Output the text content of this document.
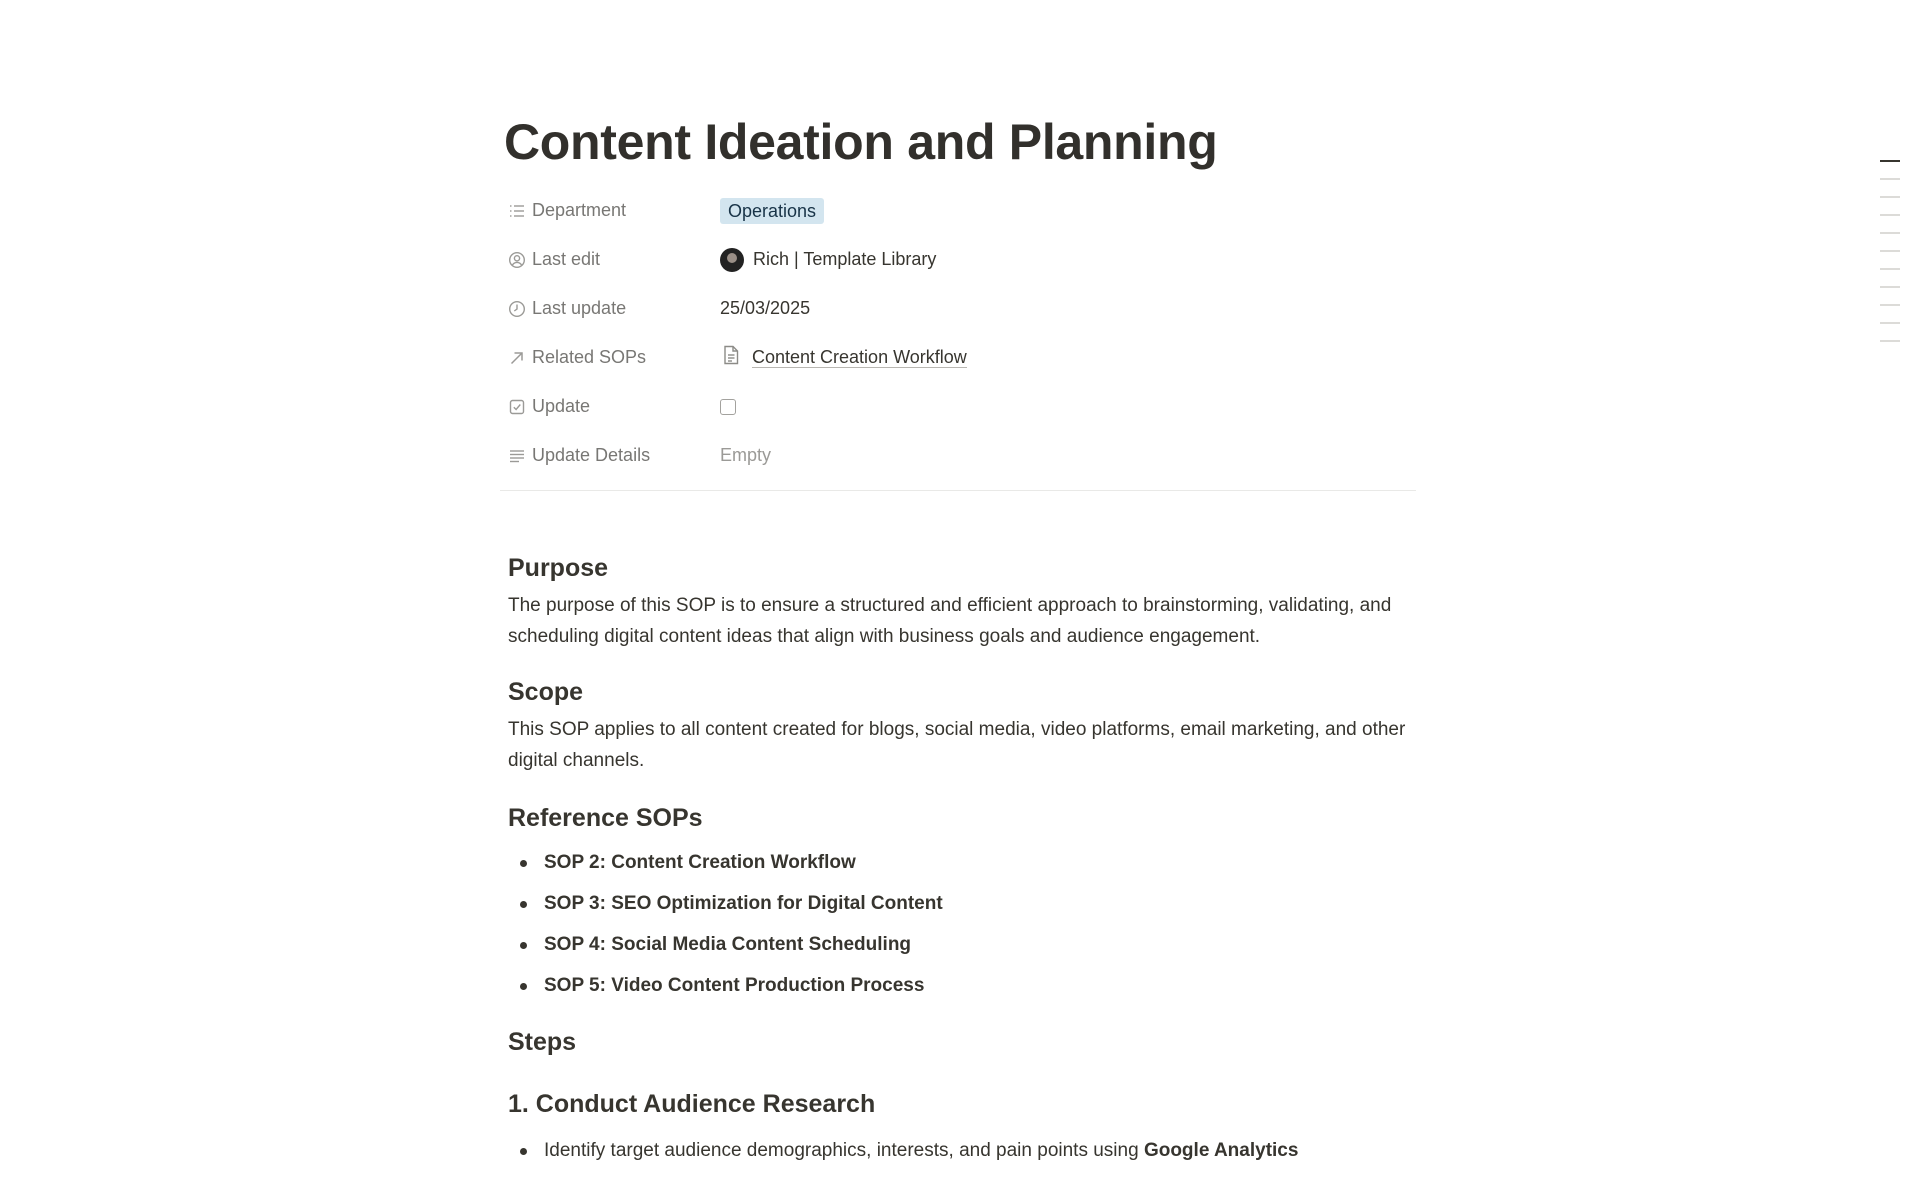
Content Ideation and Planning
Department	Operations
Last edit	Rich | Template Library
Last update	25/03/2025
Related SOPs	Content Creation Workflow
Update
Update Details	Empty
Purpose

The purpose of this SOP is to ensure a structured and efficient approach to brainstorming, validating, and scheduling digital content ideas that align with business goals and audience engagement.

Scope

This SOP applies to all content created for blogs, social media, video platforms, email marketing, and other digital channels.

Reference SOPs
SOP 2: Content Creation Workflow
SOP 3: SEO Optimization for Digital Content
SOP 4: Social Media Content Scheduling
SOP 5: Video Content Production Process
Steps
1. Conduct Audience Research
Identify target audience demographics, interests, and pain points using Google Analytics
